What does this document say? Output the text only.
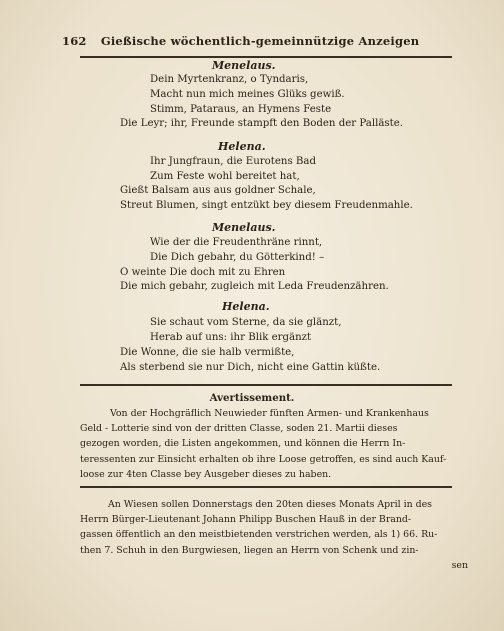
162 Gießische wöchentlich-gemeinnützige Anzeigen
Menelaus.
Dein Myrtenkranz, o Tyndaris,
Macht nun mich meines Glüks gewiß.
Stimm, Pataraus, an Hymens Feste
Die Leyr; ihr, Freunde stampft den Boden der Palläste.
Helena.
Ihr Jungfraun, die Eurotens Bad
Zum Feste wohl bereitet hat,
Gießt Balsam aus aus goldner Schale,
Streut Blumen, singt entzükt bey diesem Freudenmahle.
Menelaus.
Wie der die Freudenthräne rinnt,
Die Dich gebahr, du Götterkind! –
O weinte Die doch mit zu Ehren
Die mich gebahr, zugleich mit Leda Freudenzähren.
Helena.
Sie schaut vom Sterne, da sie glänzt,
Herab auf uns: ihr Blik ergänzt
Die Wonne, die sie halb vermißte,
Als sterbend sie nur Dich, nicht eine Gattin küßte.
Avertissement.
Von der Hochgräflich Neuwieder fünften Armen- und Krankenhaus
Geld - Lotterie sind von der dritten Classe, soden 21. Martii dieses
gezogen worden, die Listen angekommen, und können die Herrn In-
teressenten zur Einsicht erhalten ob ihre Loose getroffen, es sind auch Kauf-
loose zur 4ten Classe bey Ausgeber dieses zu haben.
An Wiesen sollen Donnerstags den 20ten dieses Monats April in des
Herrn Bürger-Lieutenant Johann Philipp Buschen Hauß in der Brand-
gassen öffentlich an den meistbietenden verstrichen werden, als 1) 66. Ru-
then 7. Schuh in den Burgwiesen, liegen an Herrn von Schenk und zin-
sen
